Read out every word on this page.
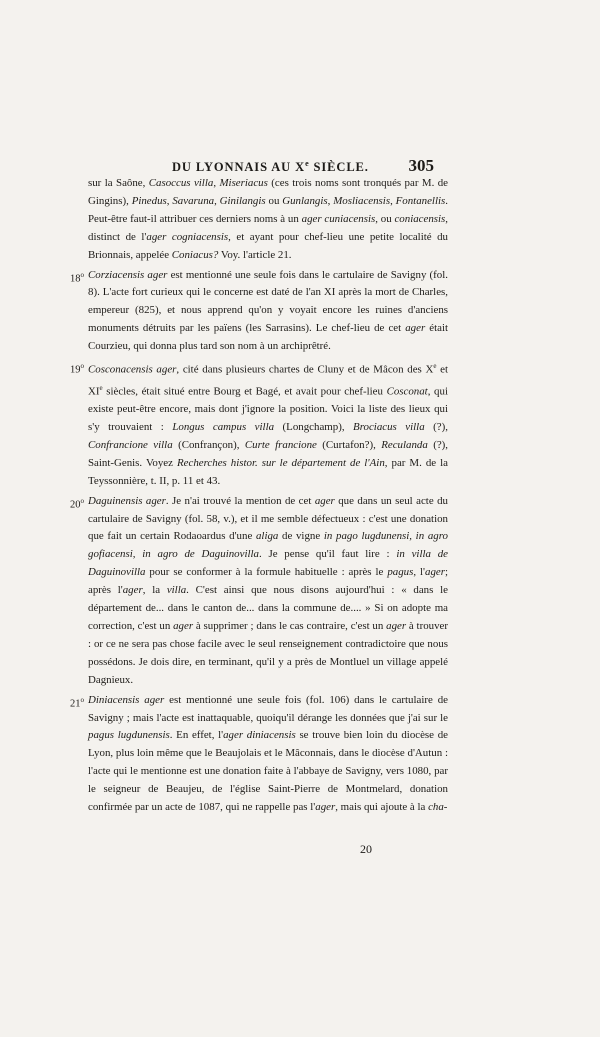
DU LYONNAIS AU Xe SIÈCLE. 305

sur la Saône, Casoccus villa, Miseriacus (ces trois noms sont tronqués par M. de Gingins), Pinedus, Savaruna, Ginilangis ou Gunlangis, Mosliacensis, Fontanellis. Peut-être faut-il attribuer ces derniers noms à un ager cuniacensis, ou coniacensis, distinct de l'ager cogniacensis, et ayant pour chef-lieu une petite localité du Brionnais, appelée Coniacus? Voy. l'article 21.

18$^o$ Corziacensis ager est mentionné une seule fois dans le cartulaire de Savigny (fol. 8). L'acte fort curieux qui le concerne est daté de l'an XI après la mort de Charles, empereur (825), et nous apprend qu'on y voyait encore les ruines d'anciens monuments détruits par les païens (les Sarrasins). Le chef-lieu de cet ager était Courzieu, qui donna plus tard son nom à un archiprêtré.

19$^o$ Cosconacensis ager, cité dans plusieurs chartes de Cluny et de Mâcon des Xe et XIe siècles, était situé entre Bourg et Bagé, et avait pour chef-lieu Cosconat, qui existe peut-être encore, mais dont j'ignore la position. Voici la liste des lieux qui s'y trouvaient : Longus campus villa (Longchamp), Brociacus villa (?), Confrancione villa (Confrançon), Curte francione (Curtafon?), Reculanda (?), Saint-Genis. Voyez Recherches histor. sur le département de l'Ain, par M. de la Teyssonnière, t. II, p. 11 et 43.

20$^o$ Daguinensis ager. Je n'ai trouvé la mention de cet ager que dans un seul acte du cartulaire de Savigny (fol. 58, v.), et il me semble défectueux : c'est une donation que fait un certain Rodaoardus d'une aliga de vigne in pago lugdunensi, in agro gofiacensi, in agro de Daguinovilla. Je pense qu'il faut lire : in villa de Daguinovilla pour se conformer à la formule habituelle : après le pagus, l'ager; après l'ager, la villa. C'est ainsi que nous disons aujourd'hui : « dans le département de... dans le canton de... dans la commune de.... » Si on adopte ma correction, c'est un ager à supprimer ; dans le cas contraire, c'est un ager à trouver : or ce ne sera pas chose facile avec le seul renseignement contradictoire que nous possédons. Je dois dire, en terminant, qu'il y a près de Montluel un village appelé Dagnieux.

21$^o$ Diniacensis ager est mentionné une seule fois (fol. 106) dans le cartulaire de Savigny ; mais l'acte est inattaquable, quoiqu'il dérange les données que j'ai sur le pagus lugdunensis. En effet, l'ager diniacensis se trouve bien loin du diocèse de Lyon, plus loin même que le Beaujolais et le Mâconnais, dans le diocèse d'Autun : l'acte qui le mentionne est une donation faite à l'abbaye de Savigny, vers 1080, par le seigneur de Beaujeu, de l'église Saint-Pierre de Montmelard, donation confirmée par un acte de 1087, qui ne rappelle pas l'ager, mais qui ajoute à la cha-

20
